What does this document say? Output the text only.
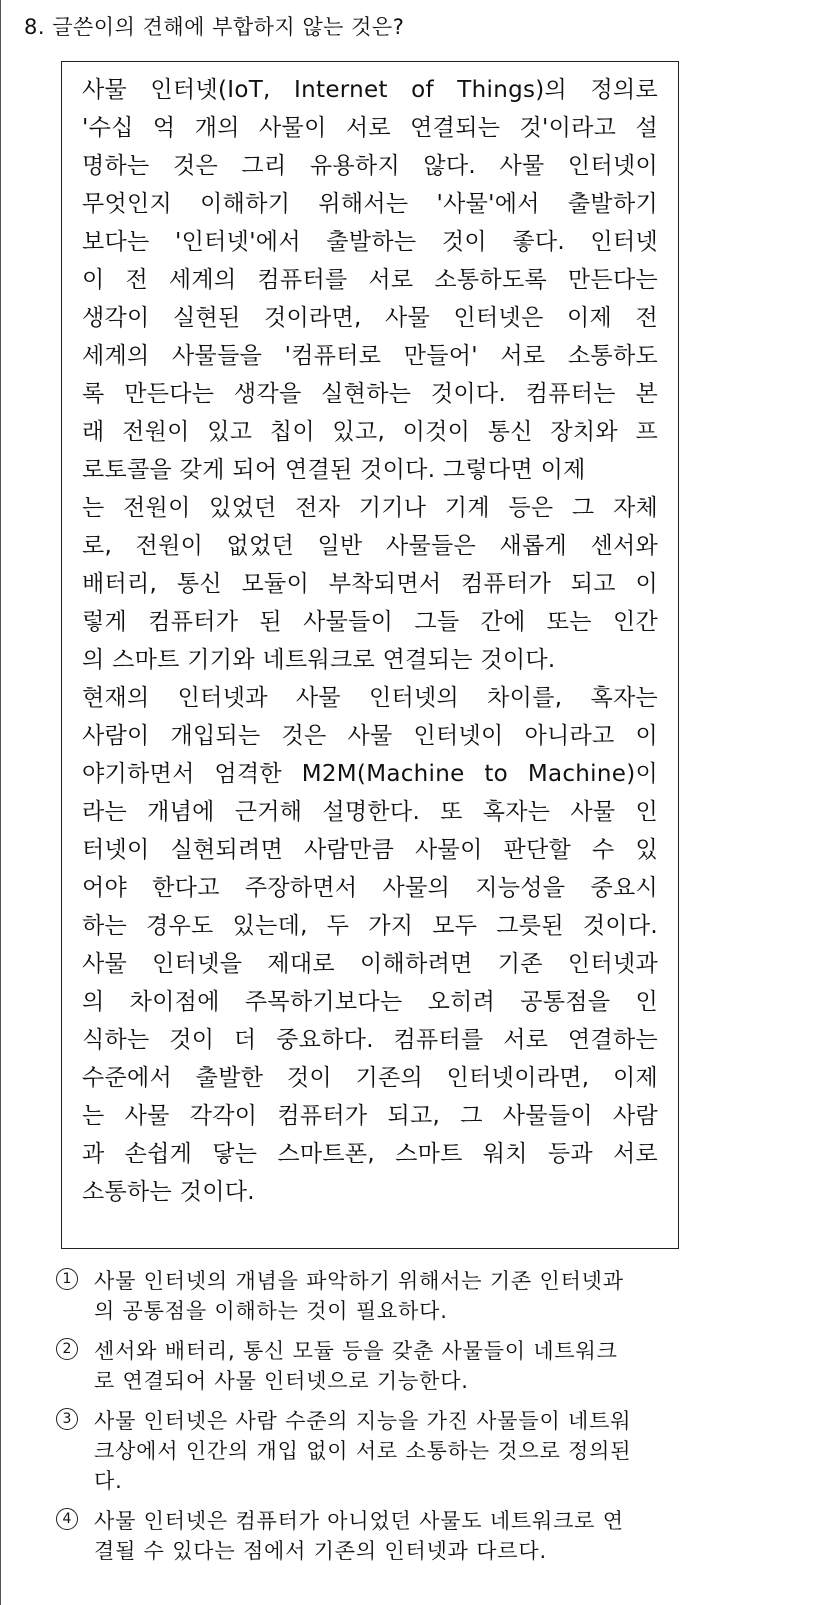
8. 글쓴이의 견해에 부합하지 않는 것은?
사물 인터넷(IoT, Internet of Things)의 정의로
'수십 억 개의 사물이 서로 연결되는 것'이라고 설
명하는 것은 그리 유용하지 않다. 사물 인터넷이
무엇인지 이해하기 위해서는 '사물'에서 출발하기
보다는 '인터넷'에서 출발하는 것이 좋다. 인터넷
이 전 세계의 컴퓨터를 서로 소통하도록 만든다는
생각이 실현된 것이라면, 사물 인터넷은 이제 전
세계의 사물들을 '컴퓨터로 만들어' 서로 소통하도
록 만든다는 생각을 실현하는 것이다. 컴퓨터는 본
래 전원이 있고 칩이 있고, 이것이 통신 장치와 프
로토콜을 갖게 되어 연결된 것이다. 그렇다면 이제
는 전원이 있었던 전자 기기나 기계 등은 그 자체
로, 전원이 없었던 일반 사물들은 새롭게 센서와
배터리, 통신 모듈이 부착되면서 컴퓨터가 되고 이
렇게 컴퓨터가 된 사물들이 그들 간에 또는 인간
의 스마트 기기와 네트워크로 연결되는 것이다.
현재의 인터넷과 사물 인터넷의 차이를, 혹자는
사람이 개입되는 것은 사물 인터넷이 아니라고 이
야기하면서 엄격한 M2M(Machine to Machine)이
라는 개념에 근거해 설명한다. 또 혹자는 사물 인
터넷이 실현되려면 사람만큼 사물이 판단할 수 있
어야 한다고 주장하면서 사물의 지능성을 중요시
하는 경우도 있는데, 두 가지 모두 그릇된 것이다.
사물 인터넷을 제대로 이해하려면 기존 인터넷과
의 차이점에 주목하기보다는 오히려 공통점을 인
식하는 것이 더 중요하다. 컴퓨터를 서로 연결하는
수준에서 출발한 것이 기존의 인터넷이라면, 이제
는 사물 각각이 컴퓨터가 되고, 그 사물들이 사람
과 손쉽게 닿는 스마트폰, 스마트 워치 등과 서로
소통하는 것이다.
1	사물 인터넷의 개념을 파악하기 위해서는 기존 인터넷과
의 공통점을 이해하는 것이 필요하다.
2	센서와 배터리, 통신 모듈 등을 갖춘 사물들이 네트워크
로 연결되어 사물 인터넷으로 기능한다.
3	사물 인터넷은 사람 수준의 지능을 가진 사물들이 네트워
크상에서 인간의 개입 없이 서로 소통하는 것으로 정의된
다.
4	사물 인터넷은 컴퓨터가 아니었던 사물도 네트워크로 연
결될 수 있다는 점에서 기존의 인터넷과 다르다.
